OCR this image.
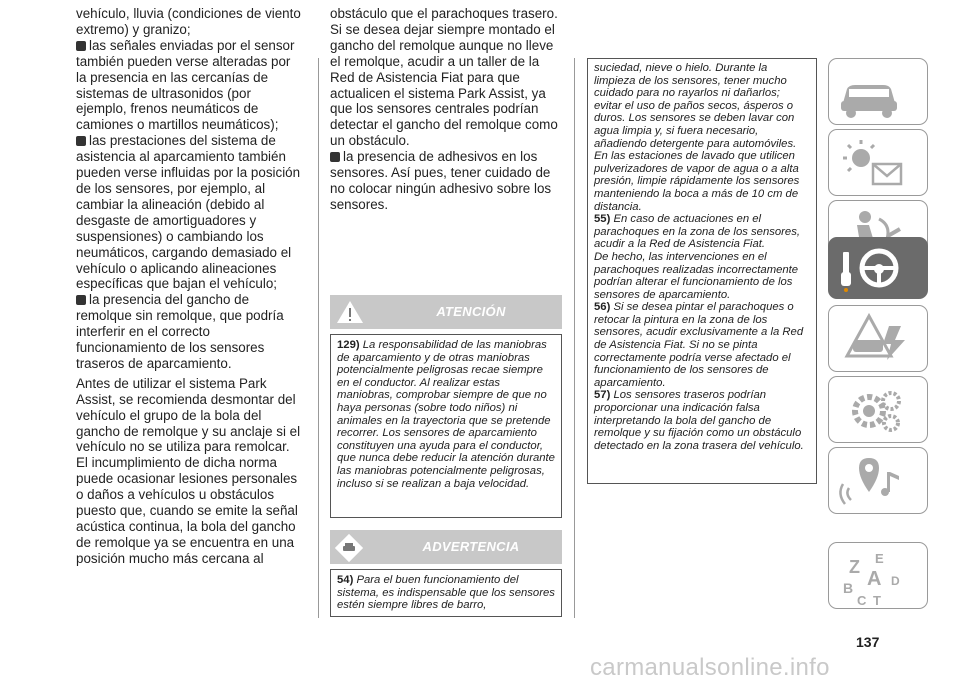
vehículo, lluvia (condiciones de viento extremo) y granizo;

las señales enviadas por el sensor también pueden verse alteradas por la presencia en las cercanías de sistemas de ultrasonidos (por ejemplo, frenos neumáticos de camiones o martillos neumáticos);

las prestaciones del sistema de asistencia al aparcamiento también pueden verse influidas por la posición de los sensores, por ejemplo, al cambiar la alineación (debido al desgaste de amortiguadores y suspensiones) o cambiando los neumáticos, cargando demasiado el vehículo o aplicando alineaciones específicas que bajan el vehículo;

la presencia del gancho de remolque sin remolque, que podría interferir en el correcto funcionamiento de los sensores traseros de aparcamiento.

Antes de utilizar el sistema Park Assist, se recomienda desmontar del vehículo el grupo de la bola del gancho de remolque y su anclaje si el vehículo no se utiliza para remolcar.

El incumplimiento de dicha norma puede ocasionar lesiones personales o daños a vehículos u obstáculos puesto que, cuando se emite la señal acústica continua, la bola del gancho de remolque ya se encuentra en una posición mucho más cercana al

obstáculo que el parachoques trasero. Si se desea dejar siempre montado el gancho del remolque aunque no lleve el remolque, acudir a un taller de la Red de Asistencia Fiat para que actualicen el sistema Park Assist, ya que los sensores centrales podrían detectar el gancho del remolque como un obstáculo.

la presencia de adhesivos en los sensores. Así pues, tener cuidado de no colocar ningún adhesivo sobre los sensores.

ATENCIÓN

129) La responsabilidad de las maniobras de aparcamiento y de otras maniobras potencialmente peligrosas recae siempre en el conductor. Al realizar estas maniobras, comprobar siempre de que no haya personas (sobre todo niños) ni animales en la trayectoria que se pretende recorrer. Los sensores de aparcamiento constituyen una ayuda para el conductor, que nunca debe reducir la atención durante las maniobras potencialmente peligrosas, incluso si se realizan a baja velocidad.

ADVERTENCIA

54) Para el buen funcionamiento del sistema, es indispensable que los sensores estén siempre libres de barro,

suciedad, nieve o hielo. Durante la limpieza de los sensores, tener mucho cuidado para no rayarlos ni dañarlos; evitar el uso de paños secos, ásperos o duros. Los sensores se deben lavar con agua limpia y, si fuera necesario, añadiendo detergente para automóviles. En las estaciones de lavado que utilicen pulverizadores de vapor de agua o a alta presión, limpie rápidamente los sensores manteniendo la boca a más de 10 cm de distancia.

55) En caso de actuaciones en el parachoques en la zona de los sensores, acudir a la Red de Asistencia Fiat.

De hecho, las intervenciones en el parachoques realizadas incorrectamente podrían alterar el funcionamiento de los sensores de aparcamiento.

56) Si se desea pintar el parachoques o retocar la pintura en la zona de los sensores, acudir exclusivamente a la Red de Asistencia Fiat. Si no se pinta correctamente podría verse afectado el funcionamiento de los sensores de aparcamiento.

57) Los sensores traseros podrían proporcionar una indicación falsa interpretando la bola del gancho de remolque y su fijación como un obstáculo detectado en la zona trasera del vehículo.

Z E
B A D
C T
137
carmanualsonline.info
